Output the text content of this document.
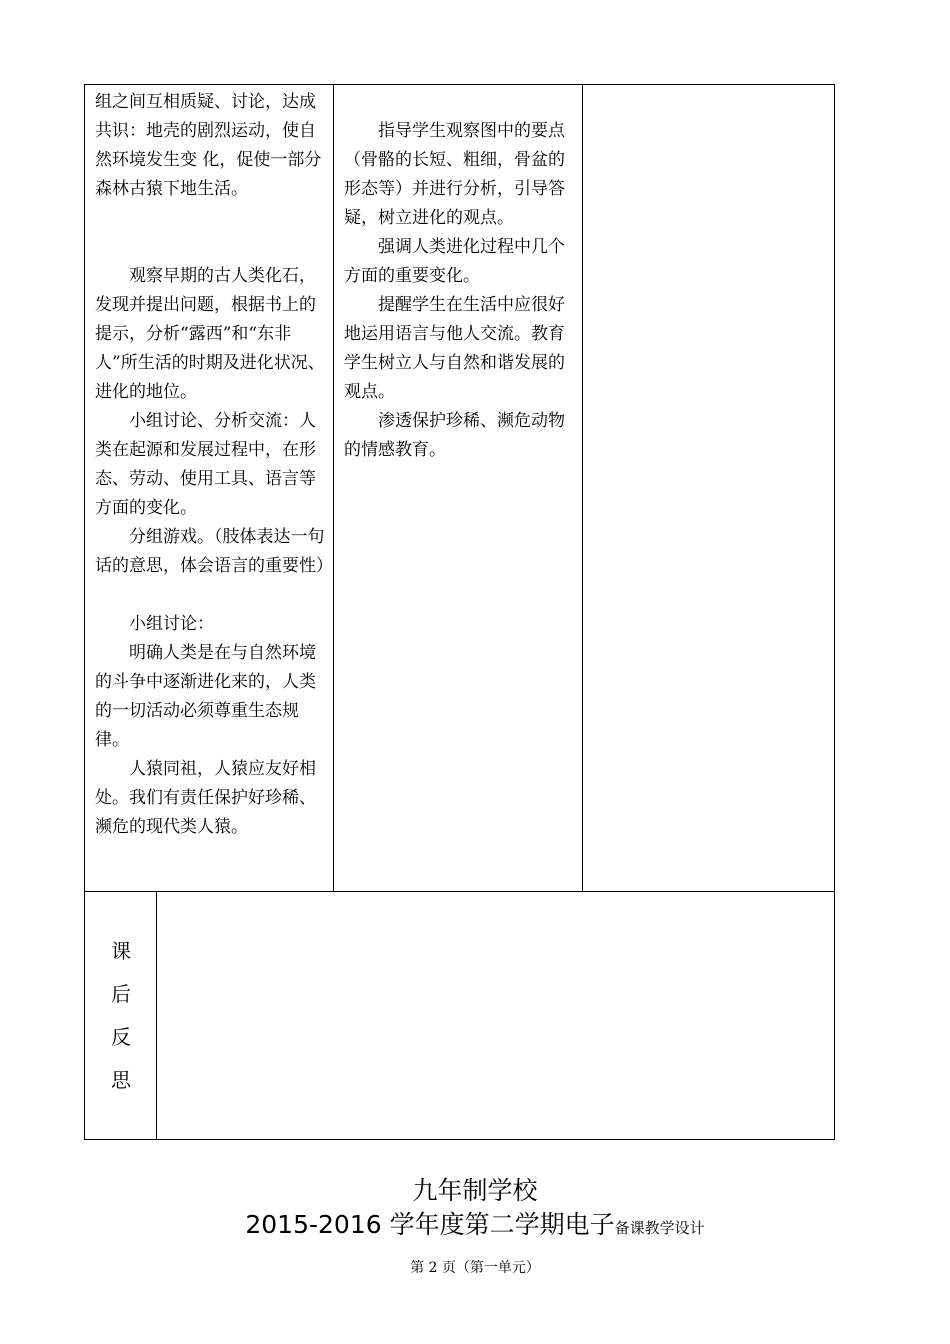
组之间互相质疑、讨论，达成共识：地壳的剧烈运动，使自然环境发生变 化，促使一部分森林古猿下地生活。

观察早期的古人类化石，发现并提出问题，根据书上的提示，分析“露西”和“东非人”所生活的时期及进化状况、进化的地位。

小组讨论、分析交流：人类在起源和发展过程中，在形态、劳动、使用工具、语言等方面的变化。

分组游戏。（肢体表达一句话的意思，体会语言的重要性）

小组讨论：

明确人类是在与自然环境的斗争中逐渐进化来的，人类的一切活动必须尊重生态规律。

人猿同祖，人猿应友好相处。我们有责任保护好珍稀、濒危的现代类人猿。

指导学生观察图中的要点（骨骼的长短、粗细，骨盆的 形态等）并进行分析，引导答疑，树立进化的观点。

强调人类进化过程中几个方面的重要变化。

提醒学生在生活中应很好地运用语言与他人交流。教育学生树立人与自然和谐发展的观点。

渗透保护珍稀、濒危动物的情感教育。

课
后
反
思
九年制学校
2015-2016 学年度第二学期电子备课教学设计
第 2 页（第一单元）
